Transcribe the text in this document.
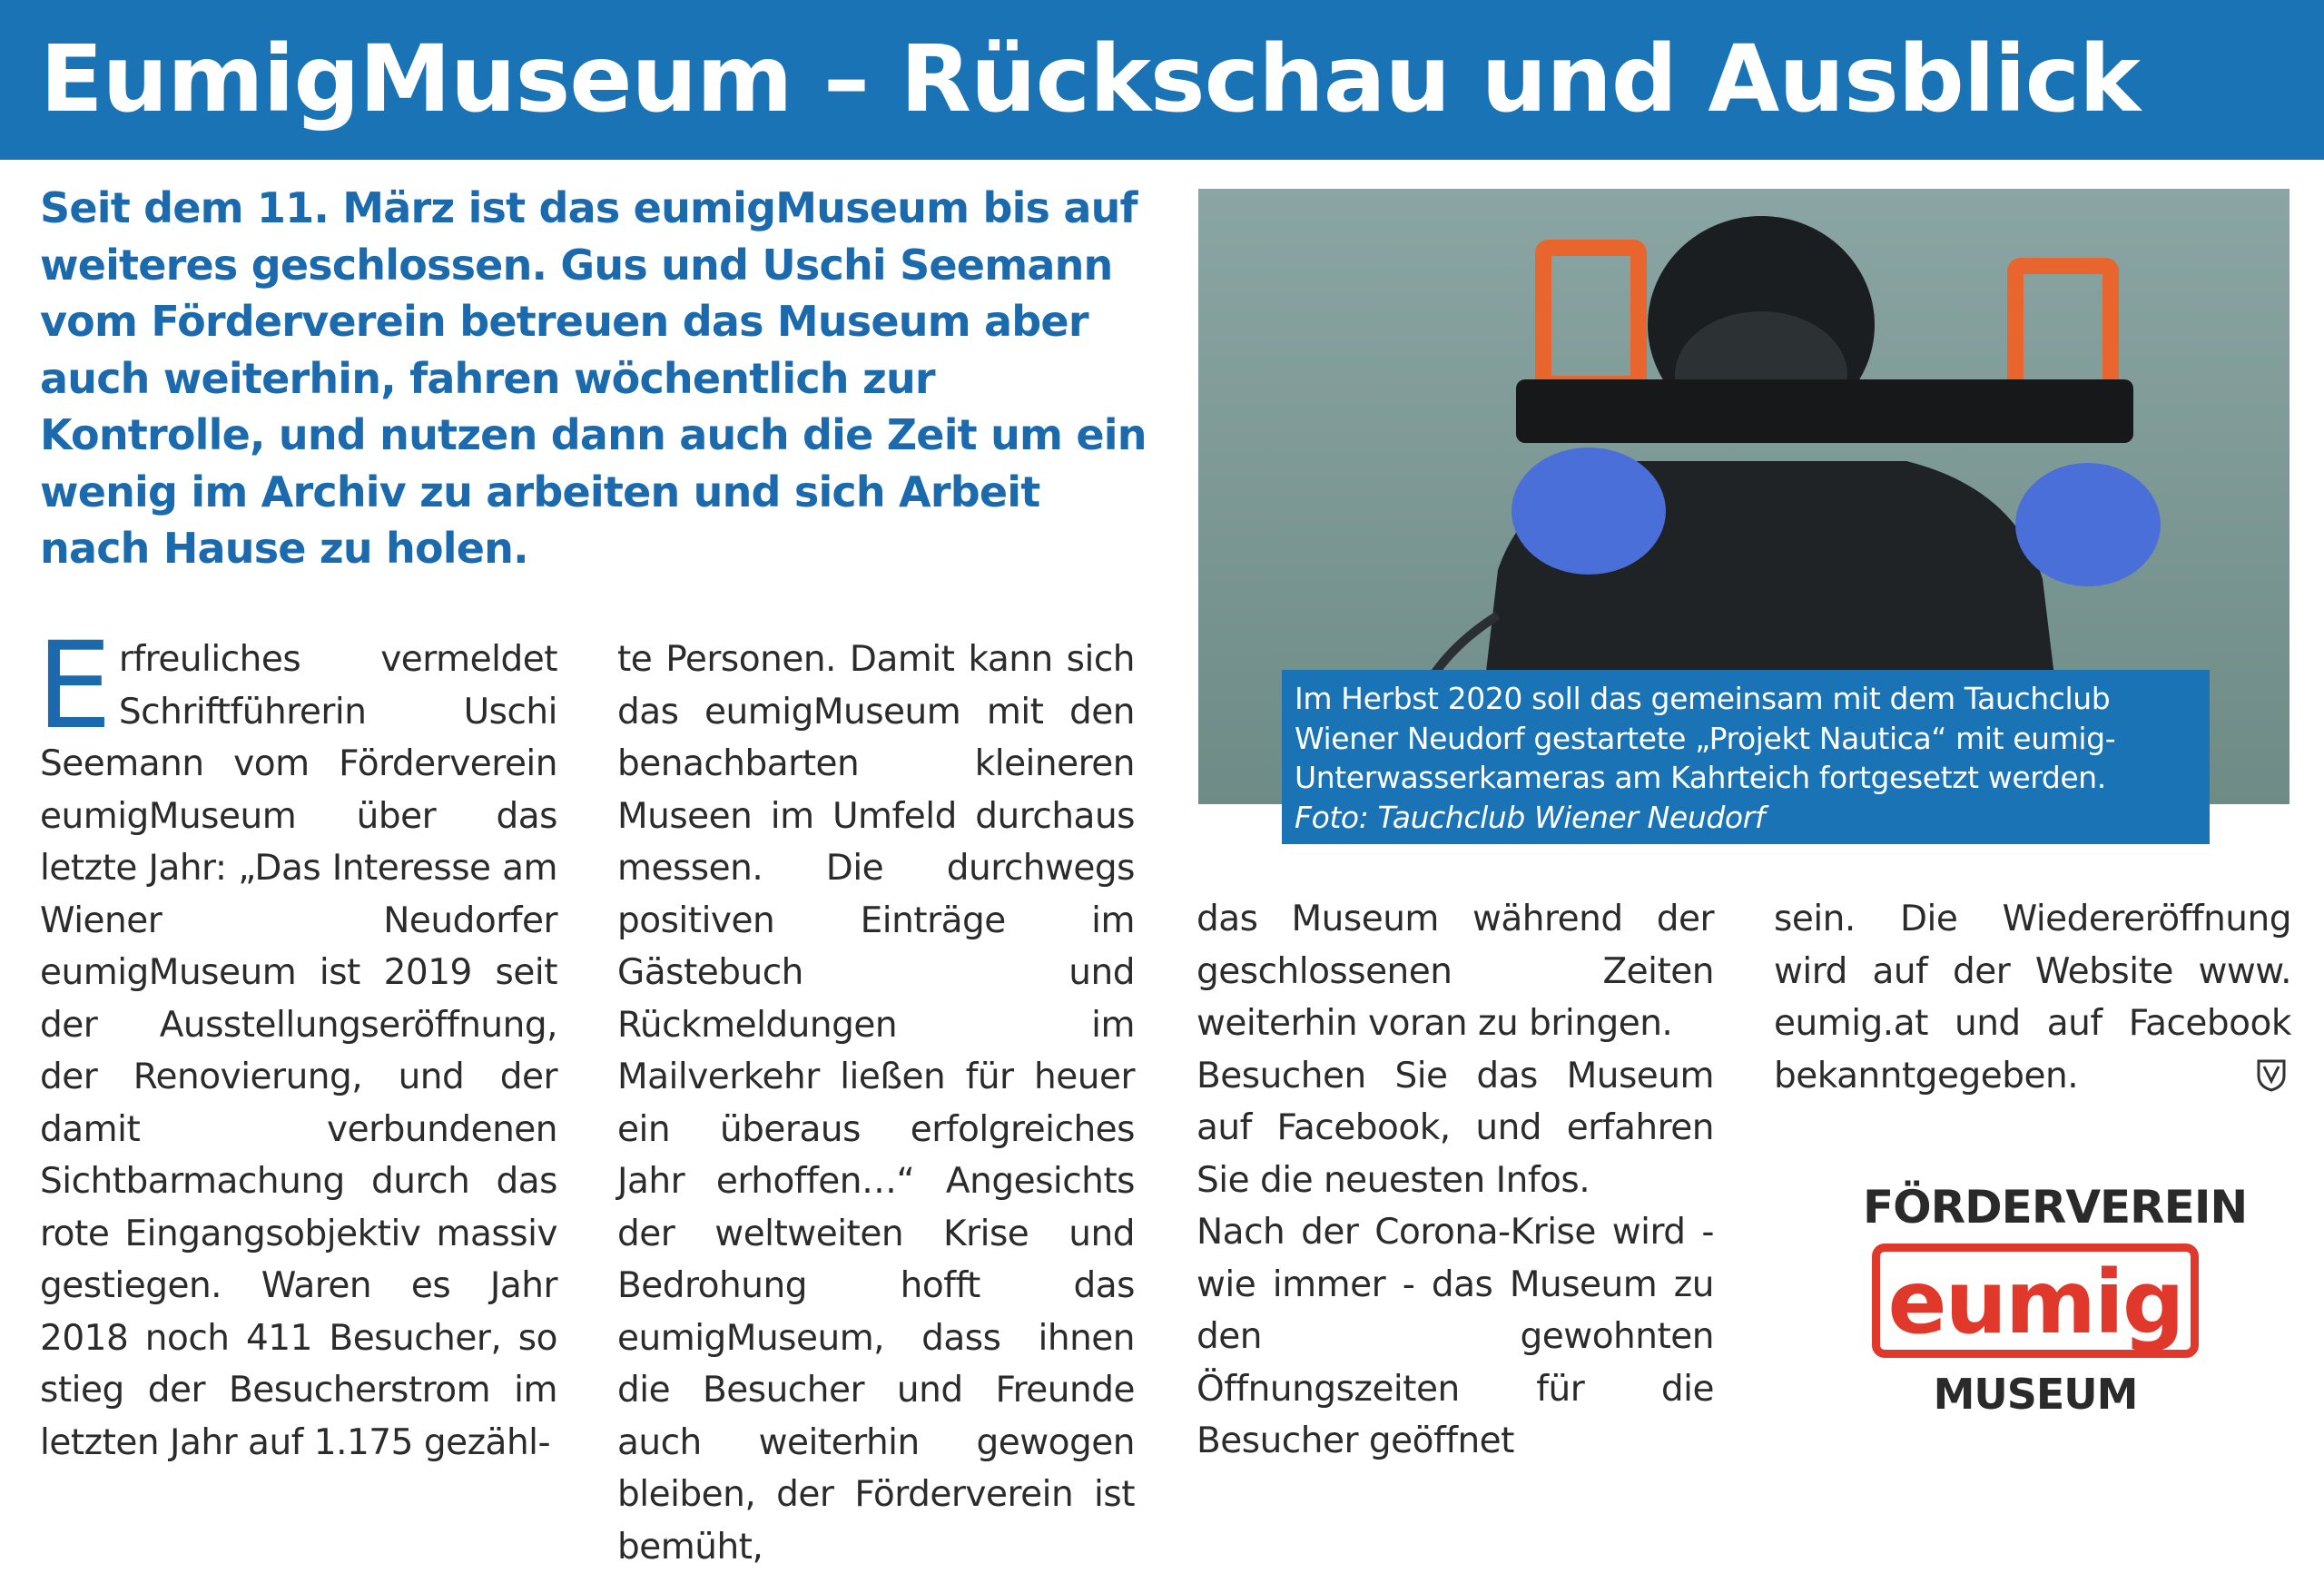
EumigMuseum – Rückschau und Ausblick

Seit dem 11. März ist das eumigMuseum bis auf weiteres geschlossen. Gus und Uschi Seemann vom Förderverein betreuen das Museum aber auch weiterhin, fahren wöchentlich zur Kontrolle, und nutzen dann auch die Zeit um ein wenig im Archiv zu arbeiten und sich Arbeit nach Hause zu holen.

E rfreuliches vermeldet Schriftführerin Uschi Seemann vom Förderverein eumigMuseum über das letzte Jahr: „Das Interesse am Wiener Neudorfer eumigMuseum ist 2019 seit der Ausstellungseröffnung, der Renovierung, und der damit verbundenen Sichtbarmachung durch das rote Eingangsobjektiv massiv gestiegen. Waren es Jahr 2018 noch 411 Besucher, so stieg der Besucherstrom im letzten Jahr auf 1.175 gezähl-
te Personen. Damit kann sich das eumigMuseum mit den benachbarten kleineren Museen im Umfeld durchaus messen. Die durchwegs positiven Einträge im Gästebuch und Rückmeldungen im Mailverkehr ließen für heuer ein überaus erfolgreiches Jahr erhoffen…“ Angesichts der weltweiten Krise und Bedrohung hofft das eumigMuseum, dass ihnen die Besucher und Freunde auch weiterhin gewogen bleiben, der Förderverein ist bemüht,

das Museum während der geschlossenen Zeiten weiterhin voran zu bringen.

Besuchen Sie das Museum auf Facebook, und erfahren Sie die neuesten Infos.

Nach der Corona-Krise wird - wie immer - das Museum zu den gewohnten Öffnungszeiten für die Besucher geöffnet

sein. Die Wiedereröffnung wird auf der Website www. eumig.at und auf Facebook bekanntgegeben.
Im Herbst 2020 soll das gemeinsam mit dem Tauchclub Wiener Neudorf gestartete „Projekt Nautica“ mit eumig-Unterwasserkameras am Kahrteich fortgesetzt werden.
Foto: Tauchclub Wiener Neudorf
FÖRDERVEREIN
eumig
MUSEUM
